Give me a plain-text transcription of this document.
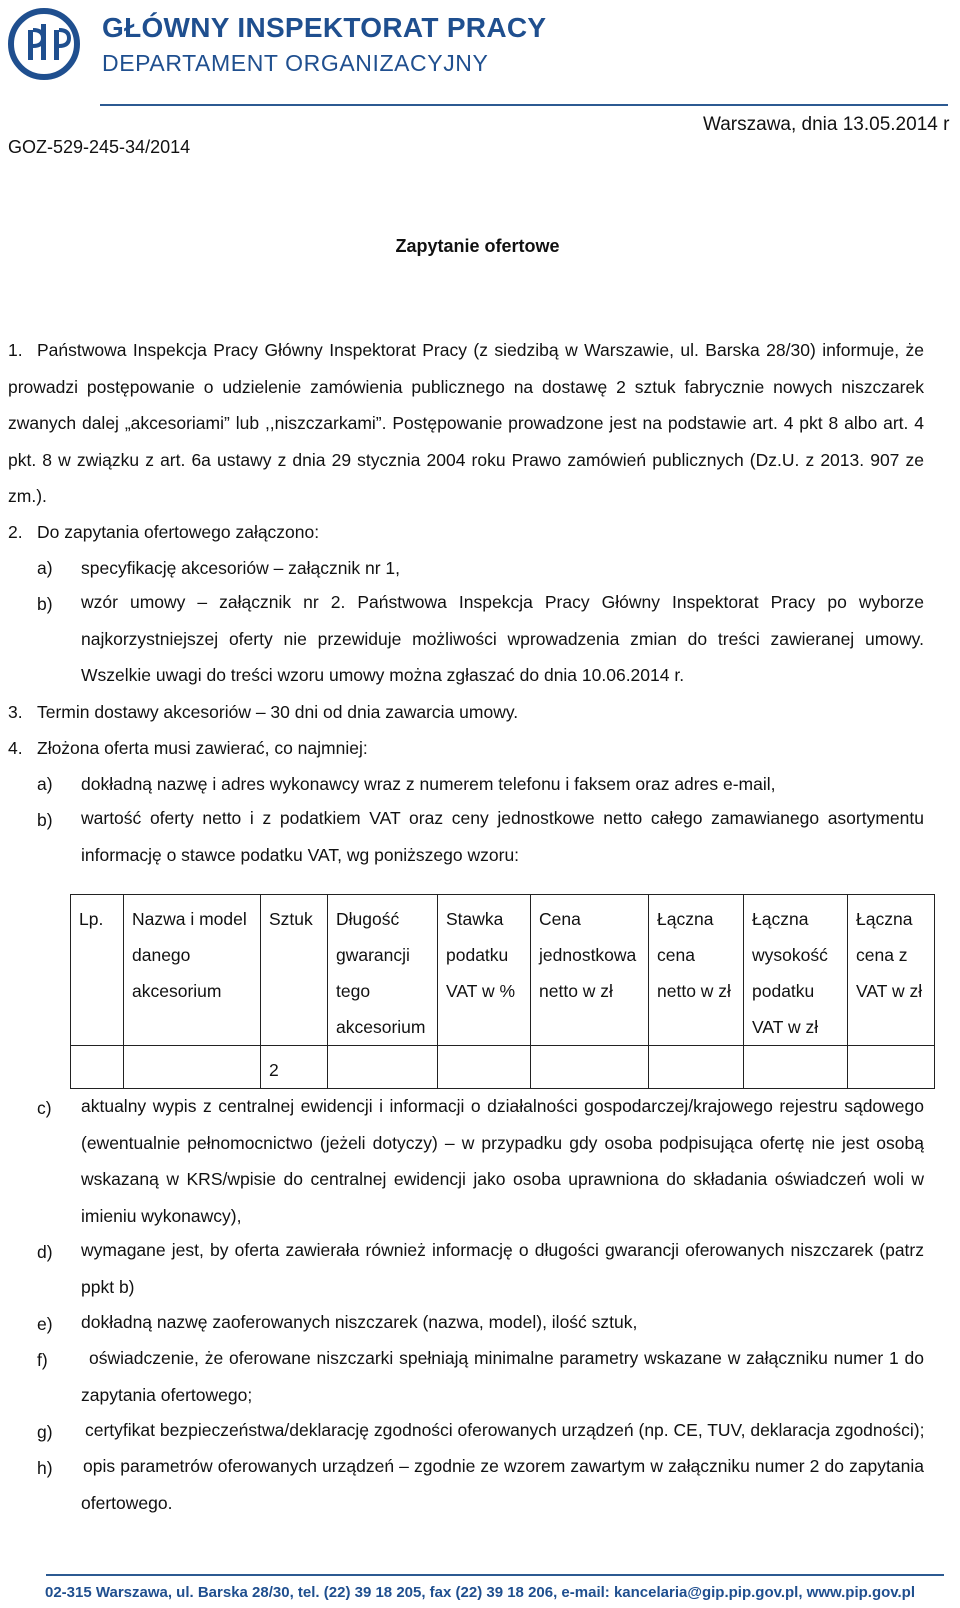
GŁÓWNY INSPEKTORAT PRACY
DEPARTAMENT ORGANIZACYJNY
GOZ-529-245-34/2014
Warszawa, dnia 13.05.2014 r
Zapytanie ofertowe
1. Państwowa Inspekcja Pracy Główny Inspektorat Pracy (z siedzibą w Warszawie, ul. Barska 28/30) informuje, że prowadzi postępowanie o udzielenie zamówienia publicznego na dostawę 2 sztuk fabrycznie nowych niszczarek zwanych dalej „akcesoriami” lub ,,niszczarkami”. Postępowanie prowadzone jest na podstawie art. 4 pkt 8 albo art. 4 pkt. 8 w związku z art. 6a ustawy z dnia 29 stycznia 2004 roku Prawo zamówień publicznych (Dz.U. z 2013. 907 ze zm.).
2. Do zapytania ofertowego załączono:
a) specyfikację akcesoriów – załącznik nr 1,
b) wzór umowy – załącznik nr 2. Państwowa Inspekcja Pracy Główny Inspektorat Pracy po wyborze najkorzystniejszej oferty nie przewiduje możliwości wprowadzenia zmian do treści zawieranej umowy. Wszelkie uwagi do treści wzoru umowy można zgłaszać do dnia 10.06.2014 r.
3. Termin dostawy akcesoriów – 30 dni od dnia zawarcia umowy.
4. Złożona oferta musi zawierać, co najmniej:
a) dokładną nazwę i adres wykonawcy wraz z numerem telefonu i faksem oraz adres e-mail,
b) wartość oferty netto i z podatkiem VAT oraz ceny jednostkowe netto całego zamawianego asortymentu informację o stawce podatku VAT, wg poniższego wzoru:
Lp.	Nazwa i model danego akcesorium	Sztuk	Długość gwarancji tego akcesorium	Stawka podatku VAT w %	Cena jednostkowa netto w zł	Łączna cena netto w zł	Łączna wysokość podatku VAT w zł	Łączna cena z VAT w zł
		2						
c) aktualny wypis z centralnej ewidencji i informacji o działalności gospodarczej/krajowego rejestru sądowego (ewentualnie pełnomocnictwo (jeżeli dotyczy) – w przypadku gdy osoba podpisująca ofertę nie jest osobą wskazaną w KRS/wpisie do centralnej ewidencji jako osoba uprawniona do składania oświadczeń woli w imieniu wykonawcy),
d) wymagane jest, by oferta zawierała również informację o długości gwarancji oferowanych niszczarek (patrz ppkt b)
e) dokładną nazwę zaoferowanych niszczarek (nazwa, model), ilość sztuk,
f)	oświadczenie, że oferowane niszczarki spełniają minimalne parametry wskazane w załączniku numer 1 do zapytania ofertowego;
g) certyfikat bezpieczeństwa/deklarację zgodności oferowanych urządzeń (np. CE, TUV, deklaracja zgodności);
h) opis parametrów oferowanych urządzeń – zgodnie ze wzorem zawartym w załączniku numer 2 do zapytania ofertowego.
02-315 Warszawa, ul. Barska 28/30, tel. (22) 39 18 205, fax (22) 39 18 206, e-mail: kancelaria@gip.pip.gov.pl, www.pip.gov.pl
